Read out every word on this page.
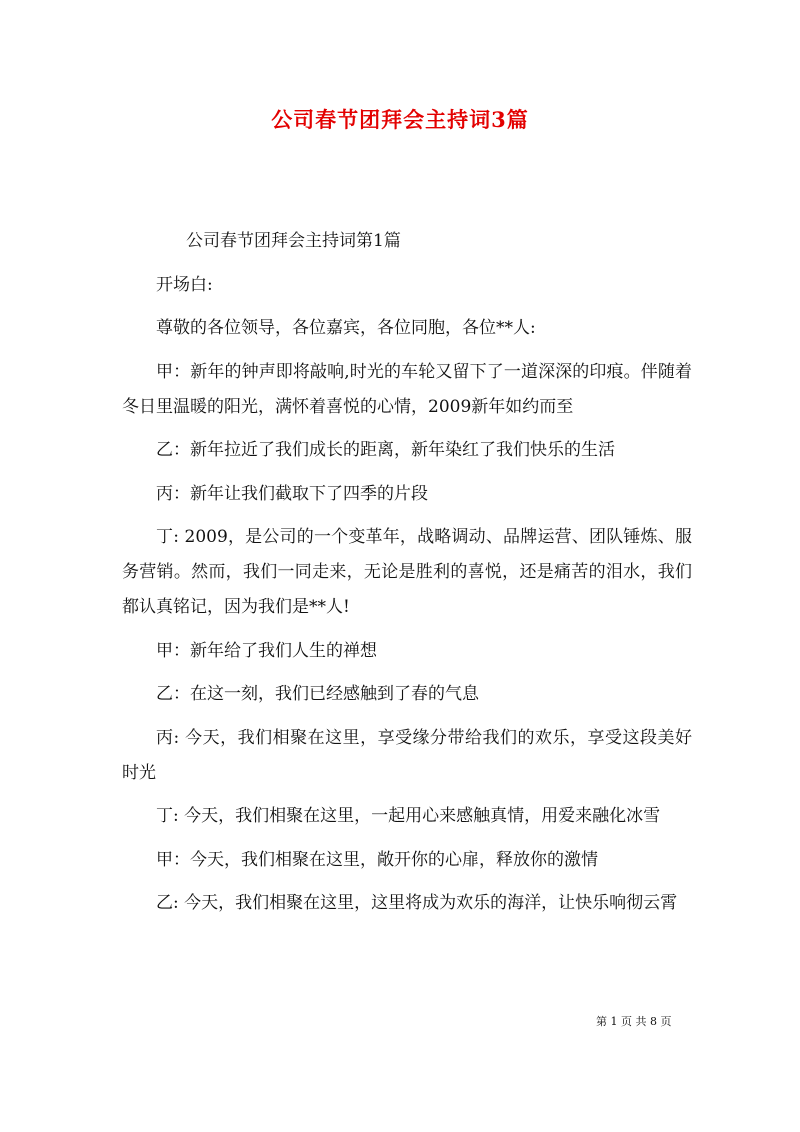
公司春节团拜会主持词3篇

公司春节团拜会主持词第1篇

开场白:

尊敬的各位领导，各位嘉宾，各位同胞，各位**人:

甲：新年的钟声即将敲响,时光的车轮又留下了一道深深的印痕。伴随着冬日里温暖的阳光，满怀着喜悦的心情，2009新年如约而至

乙：新年拉近了我们成长的距离，新年染红了我们快乐的生活

丙：新年让我们截取下了四季的片段

丁: 2009，是公司的一个变革年，战略调动、品牌运营、团队锤炼、服务营销。然而，我们一同走来，无论是胜利的喜悦，还是痛苦的泪水，我们都认真铭记，因为我们是**人!

甲：新年给了我们人生的禅想

乙：在这一刻，我们已经感触到了春的气息

丙: 今天，我们相聚在这里，享受缘分带给我们的欢乐，享受这段美好时光

丁: 今天，我们相聚在这里，一起用心来感触真情，用爱来融化冰雪

甲：今天，我们相聚在这里，敞开你的心扉，释放你的激情

乙: 今天，我们相聚在这里，这里将成为欢乐的海洋，让快乐响彻云霄

第 1 页 共 8 页
